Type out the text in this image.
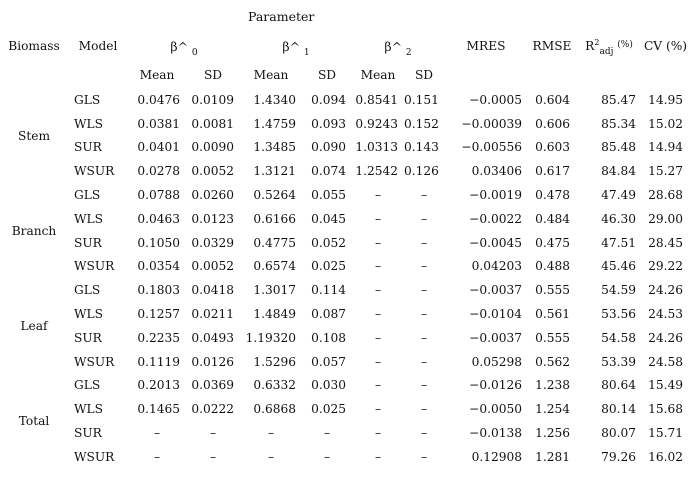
Parameter
Biomass	Model	β^ $_0$		β^ $_1$		β^ $_2$		MRES	RMSE	$R^2_{adj}$ (%)	CV (%)
		Mean	SD	Mean	SD	Mean	SD				
Stem	GLS	0.0476	0.0109	1.4340	0.094	0.8541	0.151	−0.0005	0.604	85.47	14.95
	WLS	0.0381	0.0081	1.4759	0.093	0.9243	0.152	−0.00039	0.606	85.34	15.02
	SUR	0.0401	0.0090	1.3485	0.090	1.0313	0.143	−0.00556	0.603	85.48	14.94
	WSUR	0.0278	0.0052	1.3121	0.074	1.2542	0.126	0.03406	0.617	84.84	15.27
Branch	GLS	0.0788	0.0260	0.5264	0.055	–	–	−0.0019	0.478	47.49	28.68
	WLS	0.0463	0.0123	0.6166	0.045	–	–	−0.0022	0.484	46.30	29.00
	SUR	0.1050	0.0329	0.4775	0.052	–	–	−0.0045	0.475	47.51	28.45
	WSUR	0.0354	0.0052	0.6574	0.025	–	–	0.04203	0.488	45.46	29.22
Leaf	GLS	0.1803	0.0418	1.3017	0.114	–	–	−0.0037	0.555	54.59	24.26
	WLS	0.1257	0.0211	1.4849	0.087	–	–	−0.0104	0.561	53.56	24.53
	SUR	0.2235	0.0493	1.19320	0.108	–	–	−0.0037	0.555	54.58	24.26
	WSUR	0.1119	0.0126	1.5296	0.057	–	–	0.05298	0.562	53.39	24.58
Total	GLS	0.2013	0.0369	0.6332	0.030	–	–	−0.0126	1.238	80.64	15.49
	WLS	0.1465	0.0222	0.6868	0.025	–	–	−0.0050	1.254	80.14	15.68
	SUR	–	–	–	–	–	–	−0.0138	1.256	80.07	15.71
	WSUR	–	–	–	–	–	–	0.12908	1.281	79.26	16.02
